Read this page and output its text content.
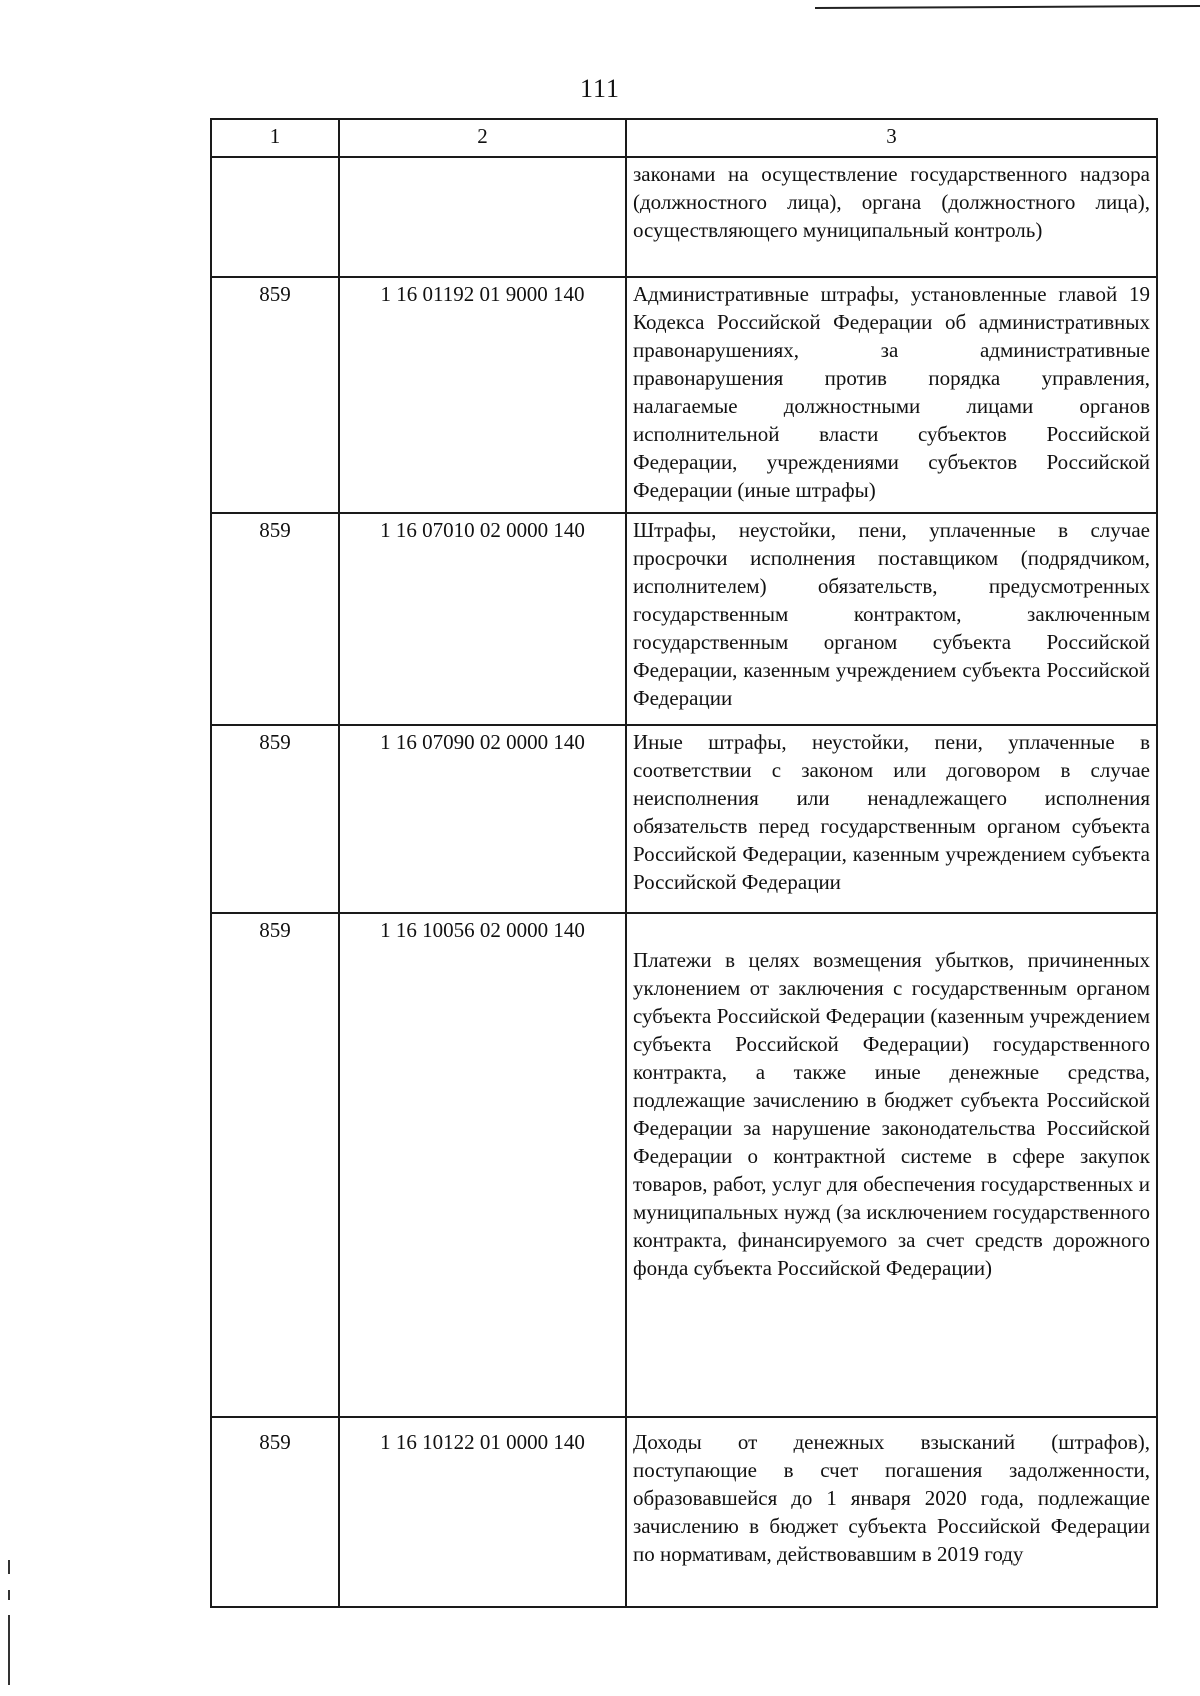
111
1	2	3

		законами на осуществление государственного надзора (должностного лица), органа (должностного лица), осуществляющего муниципальный контроль)

859	1 16 01192 01 9000 140	Административные штрафы, установленные главой 19 Кодекса Российской Федерации об административных правонарушениях, за административные правонарушения против порядка управления, налагаемые должностными лицами органов исполнительной власти субъектов Российской Федерации, учреждениями субъектов Российской Федерации (иные штрафы)

859	1 16 07010 02 0000 140	Штрафы, неустойки, пени, уплаченные в случае просрочки исполнения поставщиком (подрядчиком, исполнителем) обязательств, предусмотренных государственным контрактом, заключенным государственным органом субъекта Российской Федерации, казенным учреждением субъекта Российской Федерации

859	1 16 07090 02 0000 140	Иные штрафы, неустойки, пени, уплаченные в соответствии с законом или договором в случае неисполнения или ненадлежащего исполнения обязательств перед государственным органом субъекта Российской Федерации, казенным учреждением субъекта Российской Федерации

859	1 16 10056 02 0000 140	Платежи в целях возмещения убытков, причиненных уклонением от заключения с государственным органом субъекта Российской Федерации (казенным учреждением субъекта Российской Федерации) государственного контракта, а также иные денежные средства, подлежащие зачислению в бюджет субъекта Российской Федерации за нарушение законодательства Российской Федерации о контрактной системе в сфере закупок товаров, работ, услуг для обеспечения государственных и муниципальных нужд (за исключением государственного контракта, финансируемого за счет средств дорожного фонда субъекта Российской Федерации)

859	1 16 10122 01 0000 140	Доходы от денежных взысканий (штрафов), поступающие в счет погашения задолженности, образовавшейся до 1 января 2020 года, подлежащие зачислению в бюджет субъекта Российской Федерации по нормативам, действовавшим в 2019 году
